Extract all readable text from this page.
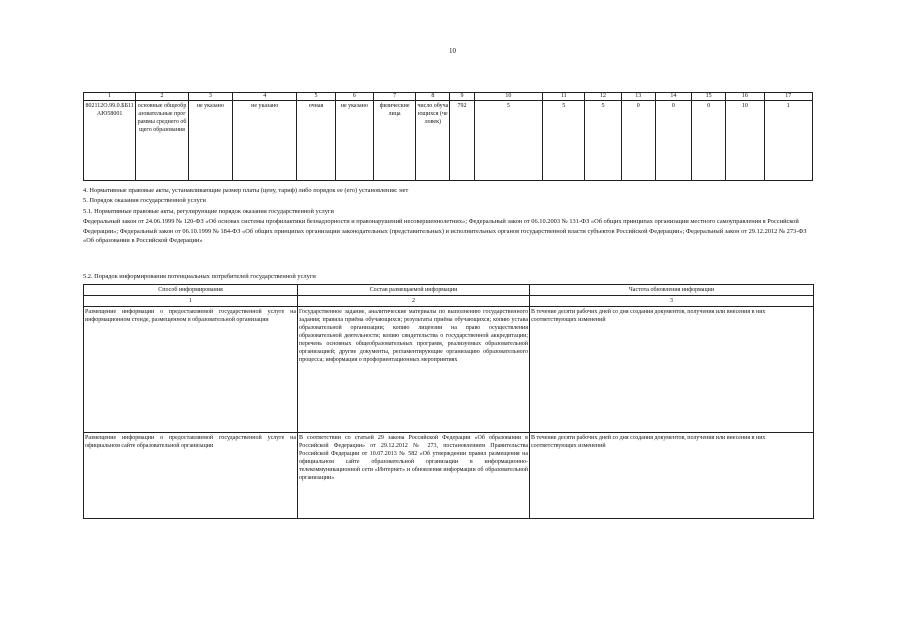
10
1	2	3	4	5	6	7	8	9	10	11	12	13	14	15	16	17
802112О.99.0.ББ11АЮ58001	основные общеобразовательные программы среднего общего образования	не указано	не указано	очная	не указано	физические лица	число обучающихся (человек)	792	5	5	5	0	0	0	10	1
4. Нормативные правовые акты, устанавливающие размер платы (цену, тариф) либо порядок ее (его) установления: нет
5. Порядок оказания государственной услуги
5.1. Нормативные правовые акты, регулирующие порядок оказания государственной услуги
Федеральный закон от 24.06.1999 № 120-ФЗ «Об основах системы профилактики безнадзорности и правонарушений несовершеннолетних»; Федеральный закон от 06.10.2003 № 131-ФЗ «Об общих принципах организации местного самоуправления в Российской Федерации»; Федеральный закон от 06.10.1999 № 184-ФЗ «Об общих принципах организации законодательных (представительных) и исполнительных органов государственной власти субъектов Российской Федерации»; Федеральный закон от 29.12.2012 № 273-ФЗ «Об образовании в Российской Федерации»
5.2. Порядок информирования потенциальных потребителей государственной услуги
Способ информирования	Состав размещаемой информации	Частота обновления информации
1	2	3
Размещение информации о предоставляемой государственной услуге на информационном стенде, размещенном в образовательной организации	Государственное задание, аналитические материалы по выполнению государственного задания; правила приёма обучающихся; результаты приёма обучающихся; копию устава образовательной организации; копию лицензии на право осуществления образовательной деятельности; копию свидетельства о государственной аккредитации; перечень основных общеобразовательных программ, реализуемых образовательной организацией; другие документы, регламентирующие организацию образовательного процесса; информация о профориентационных мероприятиях	В течение десяти рабочих дней со дня создания документов, получения или внесения в них соответствующих изменений
Размещение информации о предоставляемой государственной услуге на официальном сайте образовательной организации	В соответствии со статьей 29 закона Российской Федерации «Об образовании в Российской Федерации» от 29.12.2012 № 273, постановлением Правительства Российской Федерации от 10.07.2013 № 582 «Об утверждении правил размещения на официальном сайте образовательной организации в информационно-телекоммуникационной сети «Интернет» и обновления информации об образовательной организации»	В течение десяти рабочих дней со дня создания документов, получения или внесения в них соответствующих изменений
